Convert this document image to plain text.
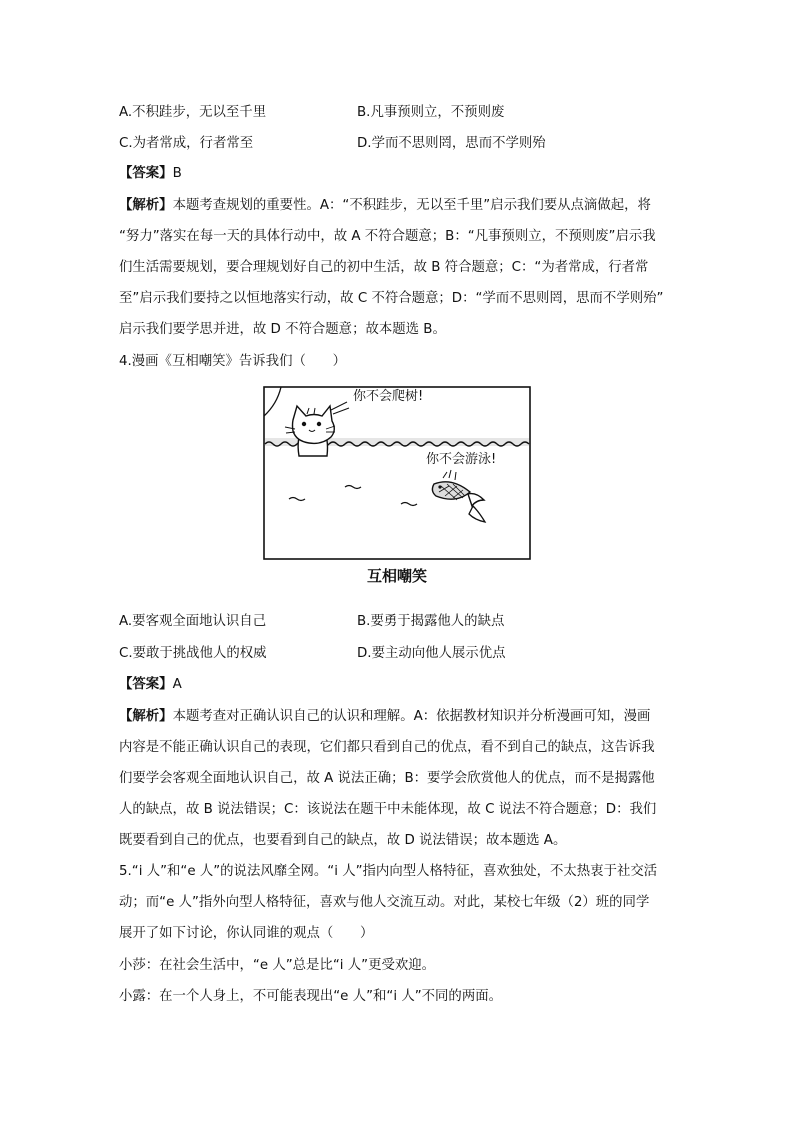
A.不积跬步，无以至千里	B.凡事预则立，不预则废
C.为者常成，行者常至	D.学而不思则罔，思而不学则殆
【答案】B
【解析】本题考查规划的重要性。A：“不积跬步，无以至千里”启示我们要从点滴做起，将
“努力”落实在每一天的具体行动中，故 A 不符合题意；B：“凡事预则立，不预则废”启示我
们生活需要规划，要合理规划好自己的初中生活，故 B 符合题意；C：“为者常成，行者常
至”启示我们要持之以恒地落实行动，故 C 不符合题意；D：“学而不思则罔，思而不学则殆”
启示我们要学思并进，故 D 不符合题意；故本题选 B。
4.漫画《互相嘲笑》告诉我们（　　）
你不会爬树!
你不会游泳!
互相嘲笑
A.要客观全面地认识自己	B.要勇于揭露他人的缺点
C.要敢于挑战他人的权威	D.要主动向他人展示优点
【答案】A
【解析】本题考查对正确认识自己的认识和理解。A：依据教材知识并分析漫画可知，漫画
内容是不能正确认识自己的表现，它们都只看到自己的优点，看不到自己的缺点，这告诉我
们要学会客观全面地认识自己，故 A 说法正确；B：要学会欣赏他人的优点，而不是揭露他
人的缺点，故 B 说法错误；C：该说法在题干中未能体现，故 C 说法不符合题意；D：我们
既要看到自己的优点，也要看到自己的缺点，故 D 说法错误；故本题选 A。
5.“i 人”和“e 人”的说法风靡全网。“i 人”指内向型人格特征，喜欢独处，不太热衷于社交活
动；而“e 人”指外向型人格特征，喜欢与他人交流互动。对此，某校七年级（2）班的同学
展开了如下讨论，你认同谁的观点（　　）
小莎：在社会生活中，“e 人”总是比“i 人”更受欢迎。
小露：在一个人身上，不可能表现出“e 人”和“i 人”不同的两面。
